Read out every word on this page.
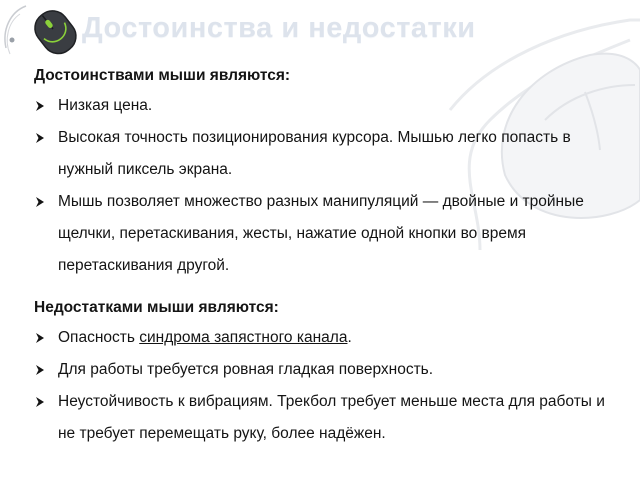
Достоинства и недостатки

Достоинствами мыши являются:

Низкая цена.
Высокая точность позиционирования курсора. Мышью легко попасть в нужный пиксель экрана.
Мышь позволяет множество разных манипуляций — двойные и тройные щелчки, перетаскивания, жесты, нажатие одной кнопки во время перетаскивания другой.

Недостатками мыши являются:

Опасность синдрома запястного канала.
Для работы требуется ровная гладкая поверхность.
Неустойчивость к вибрациям. Трекбол требует меньше места для работы и не требует перемещать руку, более надёжен.
